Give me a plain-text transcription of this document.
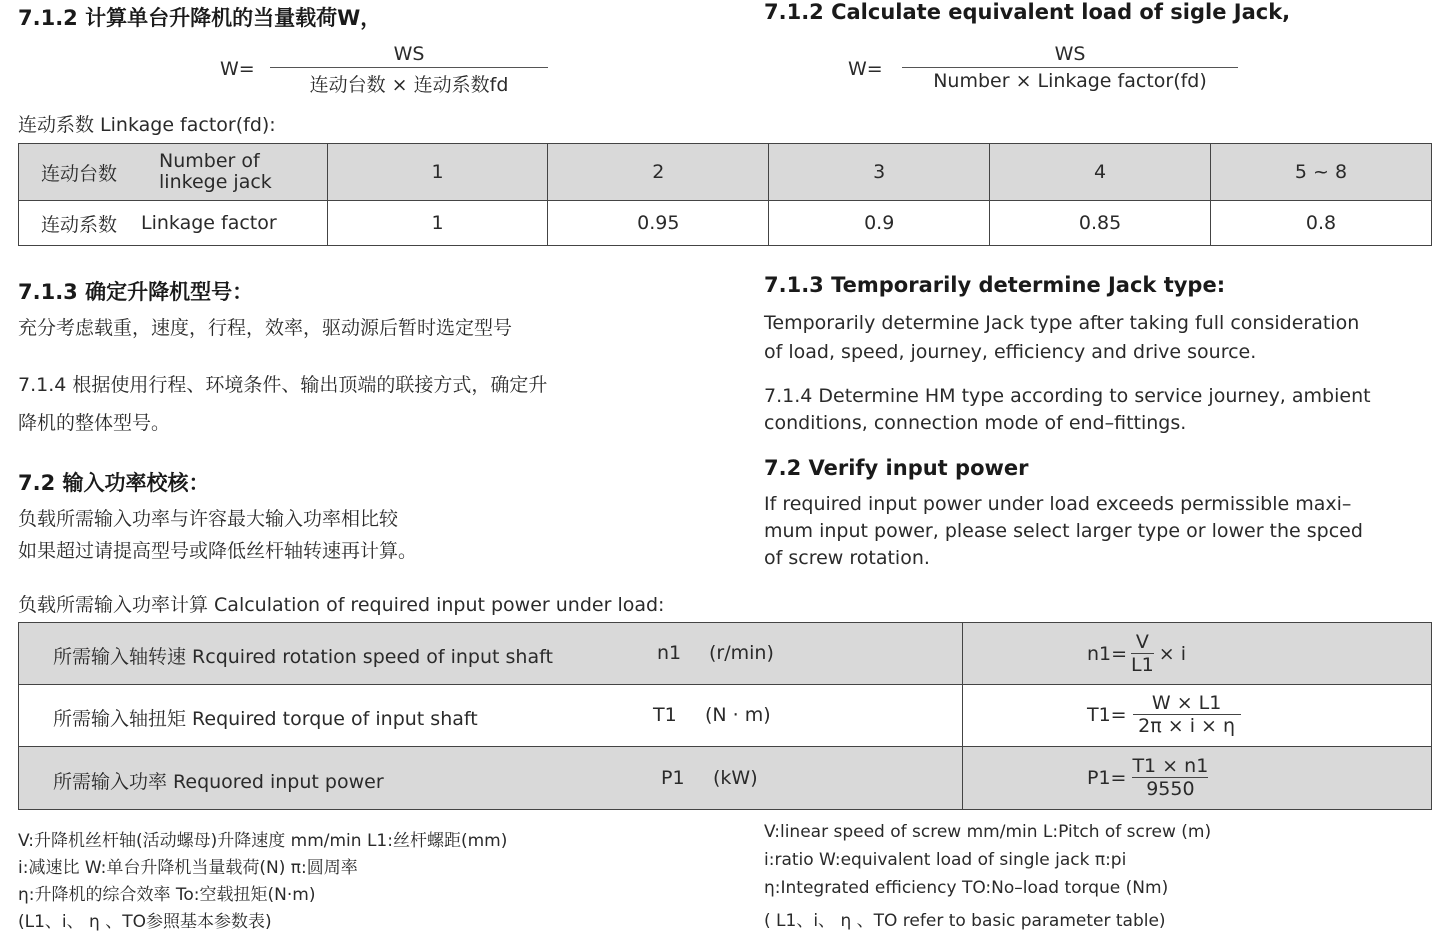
7.1.2 计算单台升降机的当量载荷W，	7.1.2 Calculate equivalent load of sigle Jack,
W=
WS
连动台数 × 连动系数fd
W=
WS
Number × Linkage factor(fd)
连动系数 Linkage factor(fd):
连动台数Number of
linkege jack	1	2	3	4	5 ~ 8
连动系数 Linkage factor	1	0.95	0.9	0.85	0.8
7.1.3 确定升降机型号：
充分考虑载重，速度，行程，效率，驱动源后暂时选定型号
7.1.4 根据使用行程、环境条件、输出顶端的联接方式，确定升
降机的整体型号。
7.2 输入功率校核：
负载所需输入功率与许容最大输入功率相比较
如果超过请提高型号或降低丝杆轴转速再计算。
7.1.3 Temporarily determine Jack type:
Temporarily determine Jack type after taking full consideration
of load, speed, journey, efficiency and drive source.
7.1.4 Determine HM type according to service journey, ambient
conditions, connection mode of end–fittings.
7.2 Verify input power
If required input power under load exceeds permissible maxi–
mum input power, please select larger type or lower the spced
of screw rotation.
负载所需输入功率计算 Calculation of required input power under load:
所需输入轴转速 Rcquired rotation speed of input shaft n1 (r/min)	$n1= \frac{V}{L1} \times i$

所需输入轴扭矩 Required torque of input shaft T1 (N · m)	$T1= \frac{W \times L1}{2\pi \times i \times \eta}$

所需输入功率 Requored input power P1 (kW)	$P1= \frac{T1 \times n1}{9550}$
V:升降机丝杆轴(活动螺母)升降速度 mm/min L1:丝杆螺距(mm)
i:减速比 W:单台升降机当量载荷(N) π:圆周率
η:升降机的综合效率 To:空载扭矩(N·m)
(L1、i、 η 、TO参照基本参数表)
V:linear speed of screw mm/min L:Pitch of screw (m)
i:ratio W:equivalent load of single jack π:pi
η:Integrated efficiency TO:No–load torque (Nm)
( L1、i、 η 、TO refer to basic parameter table)
